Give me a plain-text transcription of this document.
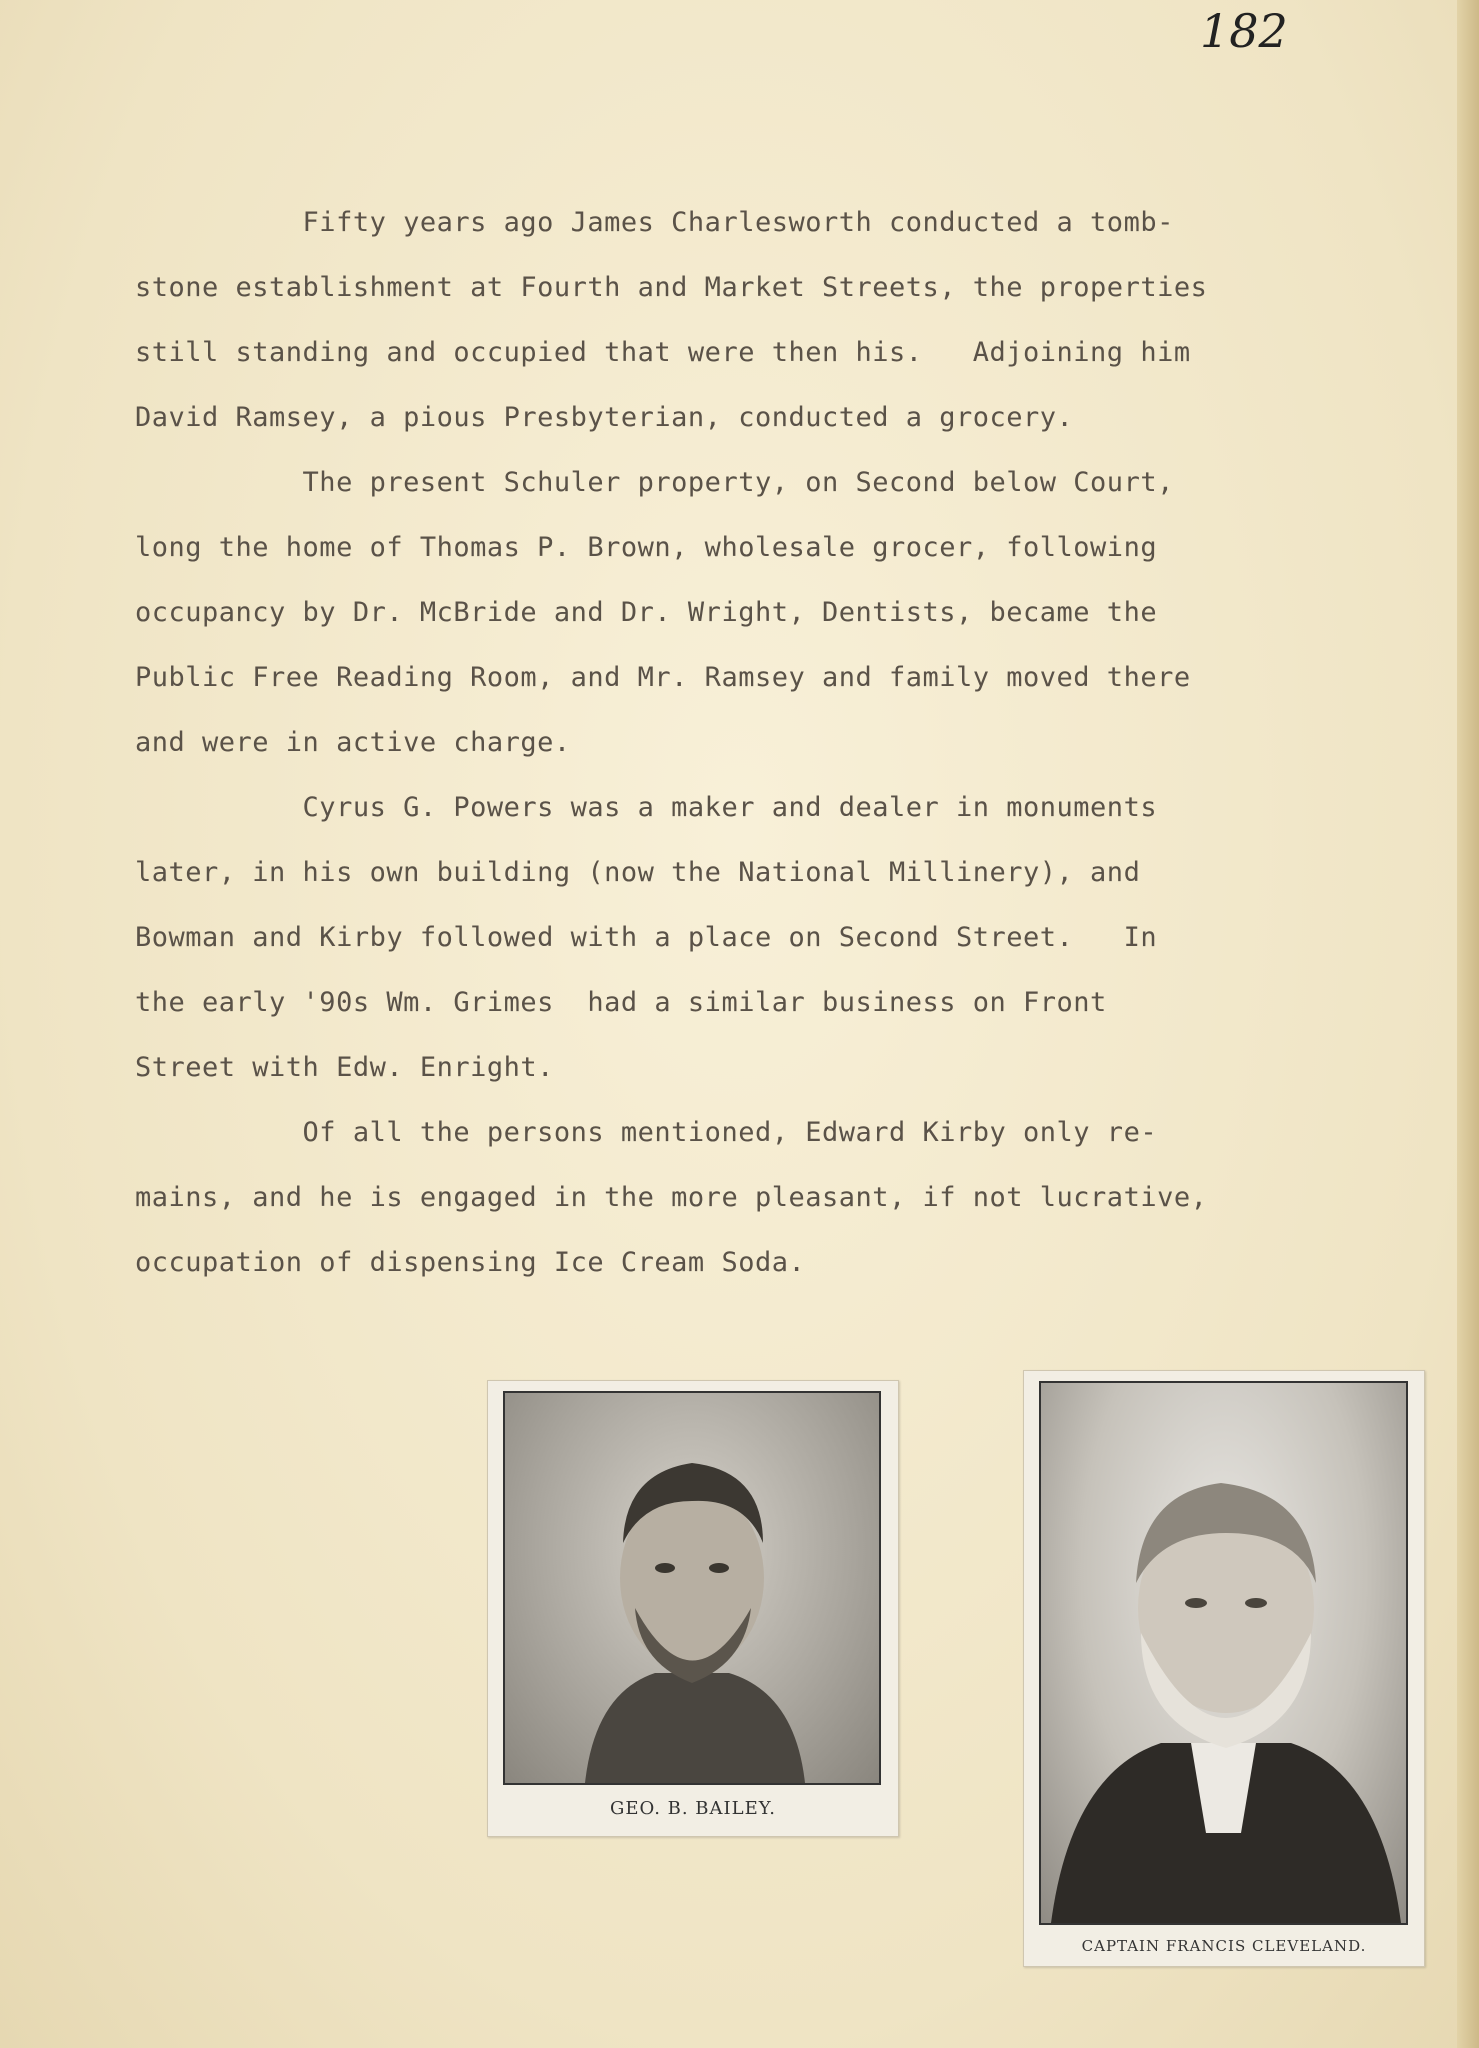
182

Fifty years ago James Charlesworth conducted a tomb-

stone establishment at Fourth and Market Streets, the properties

still standing and occupied that were then his.   Adjoining him

David Ramsey, a pious Presbyterian, conducted a grocery.

The present Schuler property, on Second below Court,

long the home of Thomas P. Brown, wholesale grocer, following

occupancy by Dr. McBride and Dr. Wright, Dentists, became the

Public Free Reading Room, and Mr. Ramsey and family moved there

and were in active charge.

Cyrus G. Powers was a maker and dealer in monuments

later, in his own building (now the National Millinery), and

Bowman and Kirby followed with a place on Second Street.   In

the early '90s Wm. Grimes  had a similar business on Front

Street with Edw. Enright.

Of all the persons mentioned, Edward Kirby only re-

mains, and he is engaged in the more pleasant, if not lucrative,

occupation of dispensing Ice Cream Soda.

GEO. B. BAILEY.
CAPTAIN FRANCIS CLEVELAND.
